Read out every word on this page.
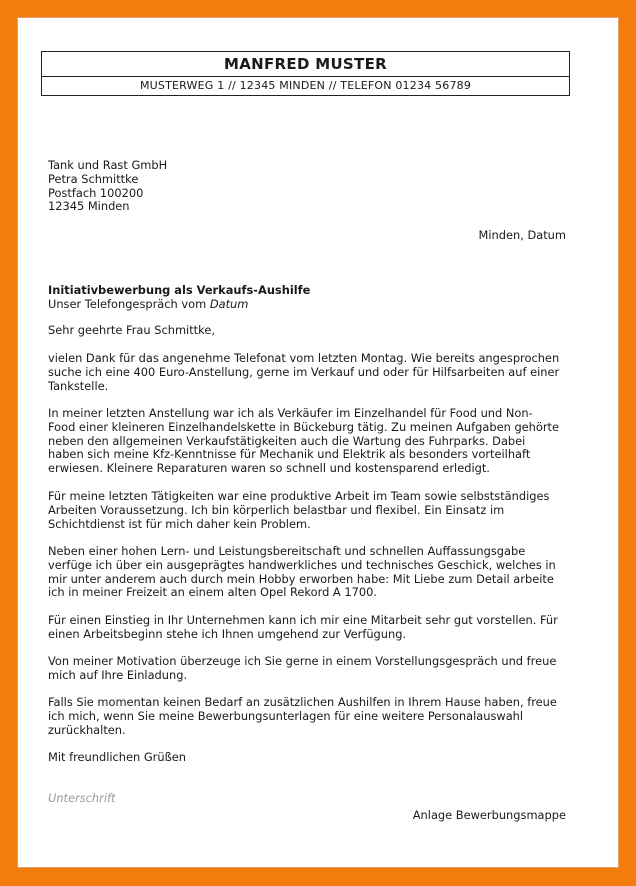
MANFRED MUSTER
MUSTERWEG 1 // 12345 MINDEN // TELEFON 01234 56789
Tank und Rast GmbH
Petra Schmittke
Postfach 100200
12345 Minden
Minden, Datum
Initiativbewerbung als Verkaufs-Aushilfe
Unser Telefongespräch vom Datum
Sehr geehrte Frau Schmittke,
vielen Dank für das angenehme Telefonat vom letzten Montag. Wie bereits angesprochen
suche ich eine 400 Euro-Anstellung, gerne im Verkauf und oder für Hilfsarbeiten auf einer
Tankstelle.
In meiner letzten Anstellung war ich als Verkäufer im Einzelhandel für Food und Non-
Food einer kleineren Einzelhandelskette in Bückeburg tätig. Zu meinen Aufgaben gehörte
neben den allgemeinen Verkaufstätigkeiten auch die Wartung des Fuhrparks. Dabei
haben sich meine Kfz-Kenntnisse für Mechanik und Elektrik als besonders vorteilhaft
erwiesen. Kleinere Reparaturen waren so schnell und kostensparend erledigt.
Für meine letzten Tätigkeiten war eine produktive Arbeit im Team sowie selbstständiges
Arbeiten Voraussetzung. Ich bin körperlich belastbar und flexibel. Ein Einsatz im
Schichtdienst ist für mich daher kein Problem.
Neben einer hohen Lern- und Leistungsbereitschaft und schnellen Auffassungsgabe
verfüge ich über ein ausgeprägtes handwerkliches und technisches Geschick, welches in
mir unter anderem auch durch mein Hobby erworben habe: Mit Liebe zum Detail arbeite
ich in meiner Freizeit an einem alten Opel Rekord A 1700.
Für einen Einstieg in Ihr Unternehmen kann ich mir eine Mitarbeit sehr gut vorstellen. Für
einen Arbeitsbeginn stehe ich Ihnen umgehend zur Verfügung.
Von meiner Motivation überzeuge ich Sie gerne in einem Vorstellungsgespräch und freue
mich auf Ihre Einladung.
Falls Sie momentan keinen Bedarf an zusätzlichen Aushilfen in Ihrem Hause haben, freue
ich mich, wenn Sie meine Bewerbungsunterlagen für eine weitere Personalauswahl
zurückhalten.
Mit freundlichen Grüßen
Unterschrift
Anlage Bewerbungsmappe
